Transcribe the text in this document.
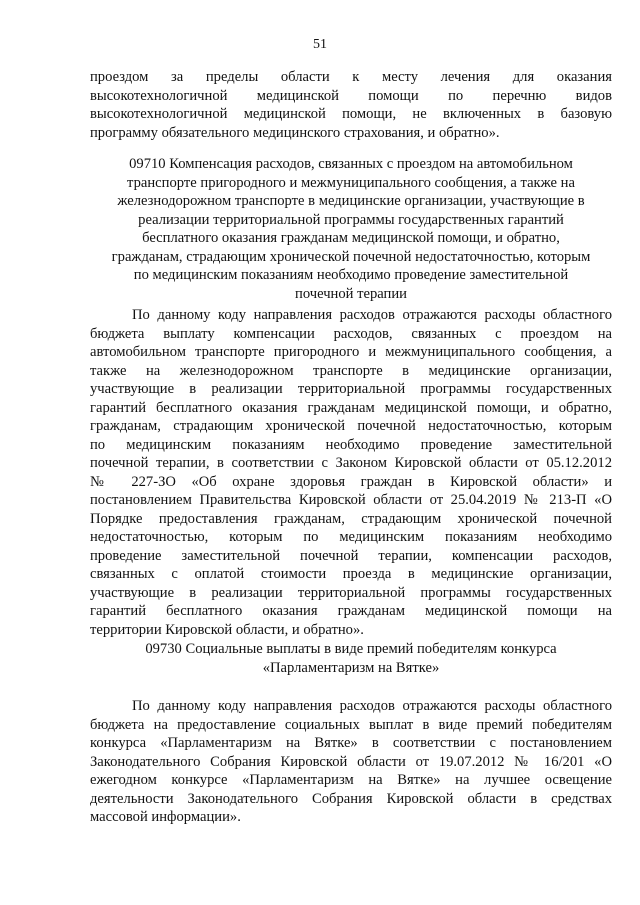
51

проездом за пределы области к месту лечения для оказания

высокотехнологичной медицинской помощи по перечню видов

высокотехнологичной медицинской помощи, не включенных в базовую

программу обязательного медицинского страхования, и обратно».

09710 Компенсация расходов, связанных с проездом на автомобильном

транспорте пригородного и межмуниципального сообщения, а также на

железнодорожном транспорте в медицинские организации, участвующие в

реализации территориальной программы государственных гарантий

бесплатного оказания гражданам медицинской помощи, и обратно,

гражданам, страдающим хронической почечной недостаточностью, которым

по медицинским показаниям необходимо проведение заместительной

почечной терапии

По данному коду направления расходов отражаются расходы областного

бюджета выплату компенсации расходов, связанных с проездом на

автомобильном транспорте пригородного и межмуниципального сообщения, а

также на железнодорожном транспорте в медицинские организации,

участвующие в реализации территориальной программы государственных

гарантий бесплатного оказания гражданам медицинской помощи, и обратно,

гражданам, страдающим хронической почечной недостаточностью, которым

по медицинским показаниям необходимо проведение заместительной

почечной терапии, в соответствии с Законом Кировской области от 05.12.2012

№ 227-ЗО «Об охране здоровья граждан в Кировской области» и

постановлением Правительства Кировской области от 25.04.2019 № 213-П «О

Порядке предоставления гражданам, страдающим хронической почечной

недостаточностью, которым по медицинским показаниям необходимо

проведение заместительной почечной терапии, компенсации расходов,

связанных с оплатой стоимости проезда в медицинские организации,

участвующие в реализации территориальной программы государственных

гарантий бесплатного оказания гражданам медицинской помощи на

территории Кировской области, и обратно».

09730 Социальные выплаты в виде премий победителям конкурса

«Парламентаризм на Вятке»

По данному коду направления расходов отражаются расходы областного

бюджета на предоставление социальных выплат в виде премий победителям

конкурса «Парламентаризм на Вятке» в соответствии с постановлением

Законодательного Собрания Кировской области от 19.07.2012 № 16/201 «О

ежегодном конкурсе «Парламентаризм на Вятке» на лучшее освещение

деятельности Законодательного Собрания Кировской области в средствах

массовой информации».
